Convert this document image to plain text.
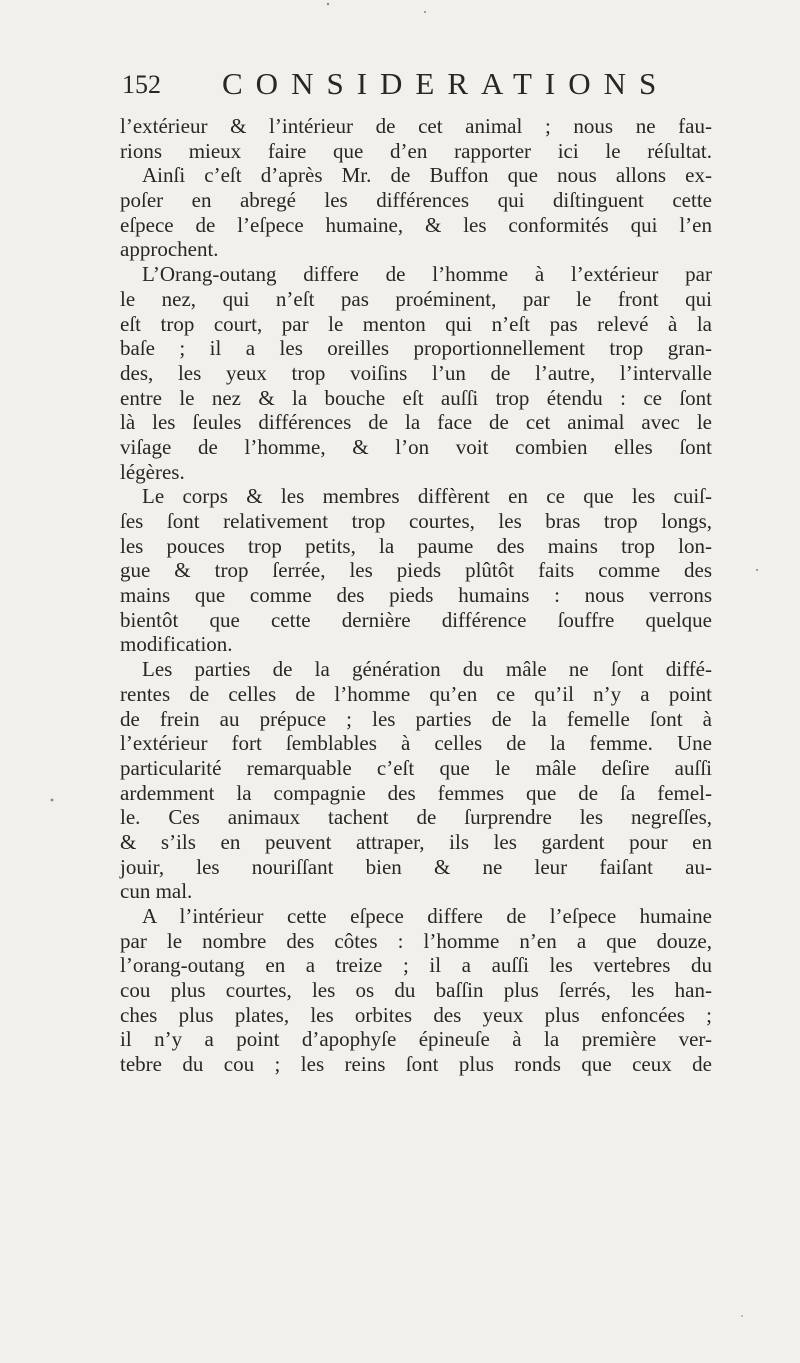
152 CONSIDERATIONS
l’extérieur & l’intérieur de cet animal ; nous ne fau-
rions mieux faire que d’en rapporter ici le réſultat.
Ainſi c’eſt d’après Mr. de Buffon que nous allons ex-
poſer en abregé les différences qui diſtinguent cette
eſpece de l’eſpece humaine, & les conformités qui l’en
approchent.
L’Orang-outang differe de l’homme à l’extérieur par
le nez, qui n’eſt pas proéminent, par le front qui
eſt trop court, par le menton qui n’eſt pas relevé à la
baſe ; il a les oreilles proportionnellement trop gran-
des, les yeux trop voiſins l’un de l’autre, l’intervalle
entre le nez & la bouche eſt auſſi trop étendu : ce ſont
là les ſeules différences de la face de cet animal avec le
viſage de l’homme, & l’on voit combien elles ſont
légères.
Le corps & les membres diffèrent en ce que les cuiſ-
ſes ſont relativement trop courtes, les bras trop longs,
les pouces trop petits, la paume des mains trop lon-
gue & trop ſerrée, les pieds plûtôt faits comme des
mains que comme des pieds humains : nous verrons
bientôt que cette dernière différence ſouffre quelque
modification.
Les parties de la génération du mâle ne ſont diffé-
rentes de celles de l’homme qu’en ce qu’il n’y a point
de frein au prépuce ; les parties de la femelle ſont à
l’extérieur fort ſemblables à celles de la femme. Une
particularité remarquable c’eſt que le mâle deſire auſſi
ardemment la compagnie des femmes que de ſa femel-
le. Ces animaux tachent de ſurprendre les negreſſes,
& s’ils en peuvent attraper, ils les gardent pour en
jouir, les nouriſſant bien & ne leur faiſant au-
cun mal.
A l’intérieur cette eſpece differe de l’eſpece humaine
par le nombre des côtes : l’homme n’en a que douze,
l’orang-outang en a treize ; il a auſſi les vertebres du
cou plus courtes, les os du baſſin plus ſerrés, les han-
ches plus plates, les orbites des yeux plus enfoncées ;
il n’y a point d’apophyſe épineuſe à la première ver-
tebre du cou ; les reins ſont plus ronds que ceux de
